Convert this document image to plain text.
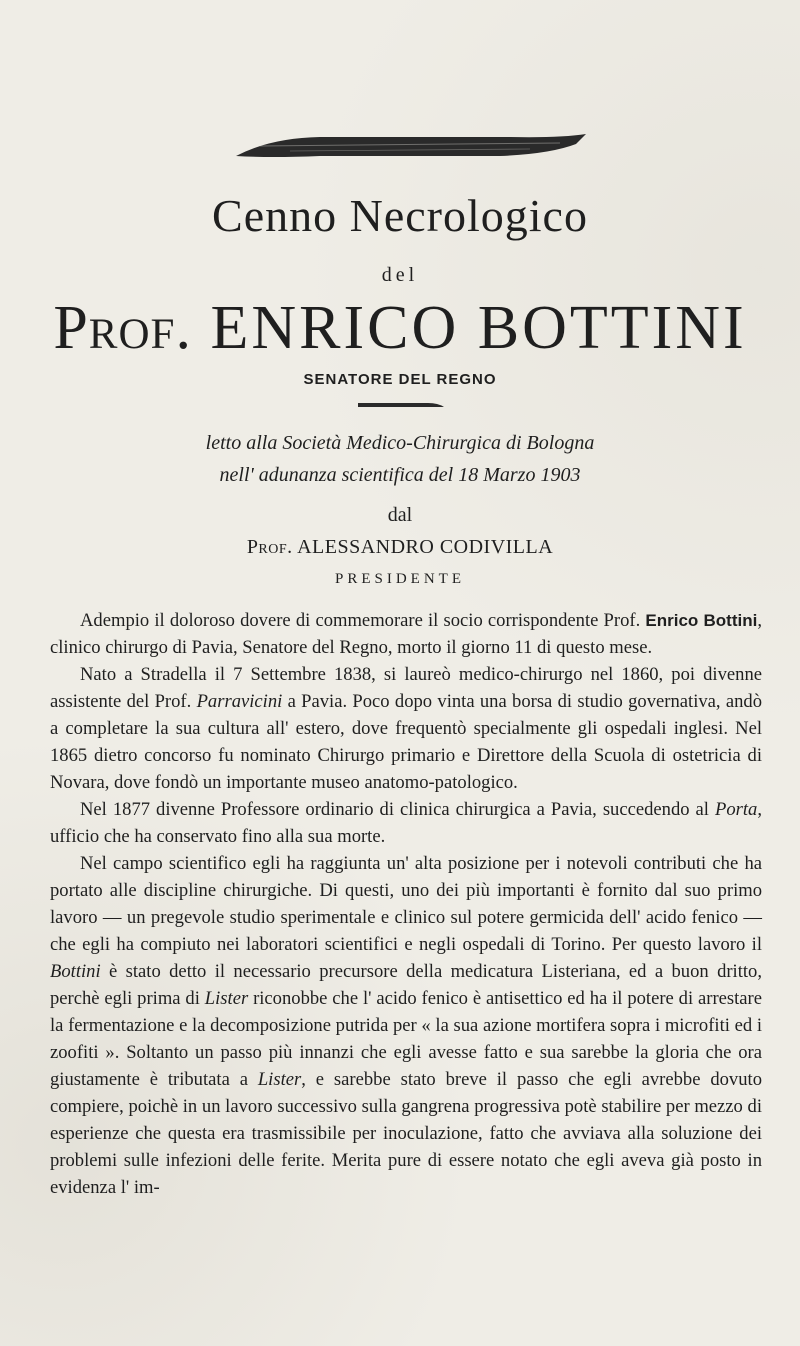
Cenno Necrologico
del
Prof. ENRICO BOTTINI
SENATORE DEL REGNO
letto alla Società Medico-Chirurgica di Bologna
nell' adunanza scientifica del 18 Marzo 1903
dal
Prof. ALESSANDRO CODIVILLA
PRESIDENTE

Adempio il doloroso dovere di commemorare il socio corrispondente Prof. Enrico Bottini, clinico chirurgo di Pavia, Senatore del Regno, morto il giorno 11 di questo mese.

Nato a Stradella il 7 Settembre 1838, si laureò medico-chirurgo nel 1860, poi divenne assistente del Prof. Parravicini a Pavia. Poco dopo vinta una borsa di studio governativa, andò a completare la sua cultura all' estero, dove frequentò specialmente gli ospedali inglesi. Nel 1865 dietro concorso fu nominato Chirurgo primario e Direttore della Scuola di ostetricia di Novara, dove fondò un importante museo anatomo-patologico.

Nel 1877 divenne Professore ordinario di clinica chirurgica a Pavia, succedendo al Porta, ufficio che ha conservato fino alla sua morte.

Nel campo scientifico egli ha raggiunta un' alta posizione per i notevoli contributi che ha portato alle discipline chirurgiche. Di questi, uno dei più importanti è fornito dal suo primo lavoro — un pregevole studio sperimentale e clinico sul potere germicida dell' acido fenico — che egli ha compiuto nei laboratori scientifici e negli ospedali di Torino. Per questo lavoro il Bottini è stato detto il necessario precursore della medicatura Listeriana, ed a buon dritto, perchè egli prima di Lister riconobbe che l' acido fenico è antisettico ed ha il potere di arrestare la fermentazione e la decomposizione putrida per « la sua azione mortifera sopra i microfiti ed i zoofiti ». Soltanto un passo più innanzi che egli avesse fatto e sua sarebbe la gloria che ora giustamente è tributata a Lister, e sarebbe stato breve il passo che egli avrebbe dovuto compiere, poichè in un lavoro successivo sulla gangrena progressiva potè stabilire per mezzo di esperienze che questa era trasmissibile per inoculazione, fatto che avviava alla soluzione dei problemi sulle infezioni delle ferite. Merita pure di essere notato che egli aveva già posto in evidenza l' im-
